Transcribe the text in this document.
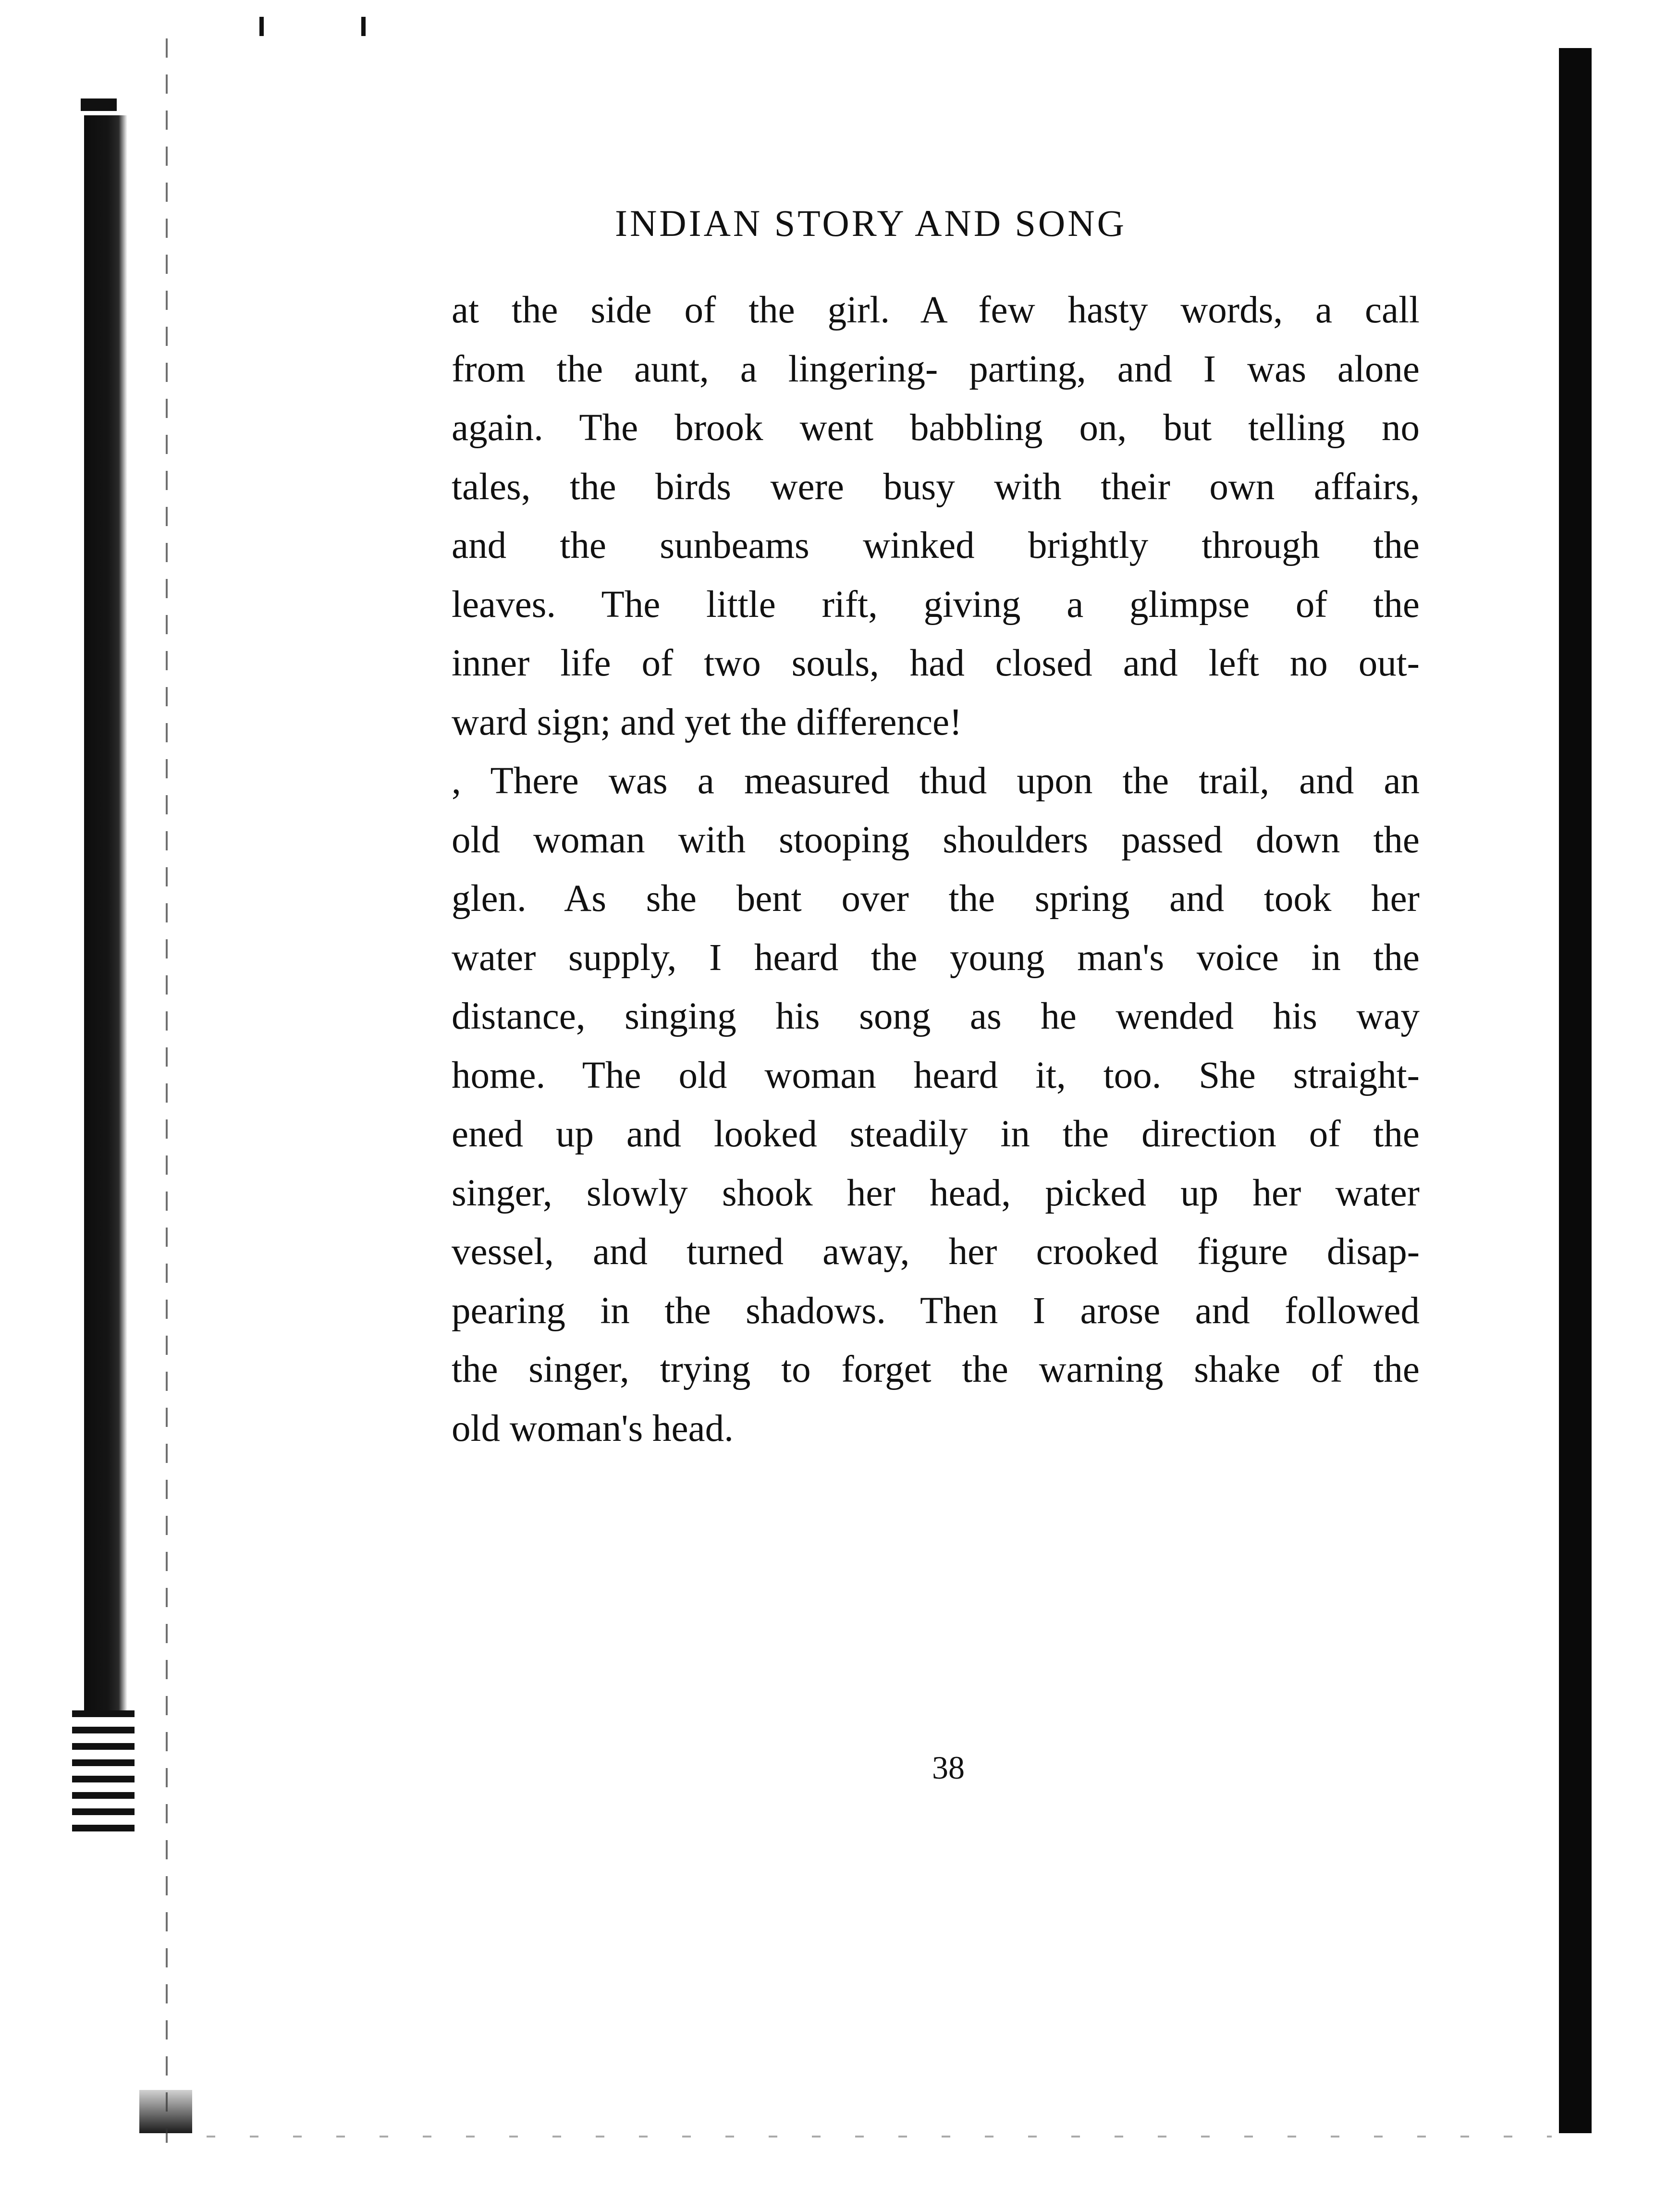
INDIAN STORY AND SONG
at the side of the girl. A few hasty words, a call
from the aunt, a lingering- parting, and I was alone
again. The brook went babbling on, but telling no
tales, the birds were busy with their own affairs,
and the sunbeams winked brightly through the
leaves. The little rift, giving a glimpse of the
inner life of two souls, had closed and left no out-
ward sign; and yet the difference!
, There was a measured thud upon the trail, and an
old woman with stooping shoulders passed down the
glen. As she bent over the spring and took her
water supply, I heard the young man's voice in the
distance, singing his song as he wended his way
home. The old woman heard it, too. She straight-
ened up and looked steadily in the direction of the
singer, slowly shook her head, picked up her water
vessel, and turned away, her crooked figure disap-
pearing in the shadows. Then I arose and followed
the singer, trying to forget the warning shake of the
old woman's head.
38
